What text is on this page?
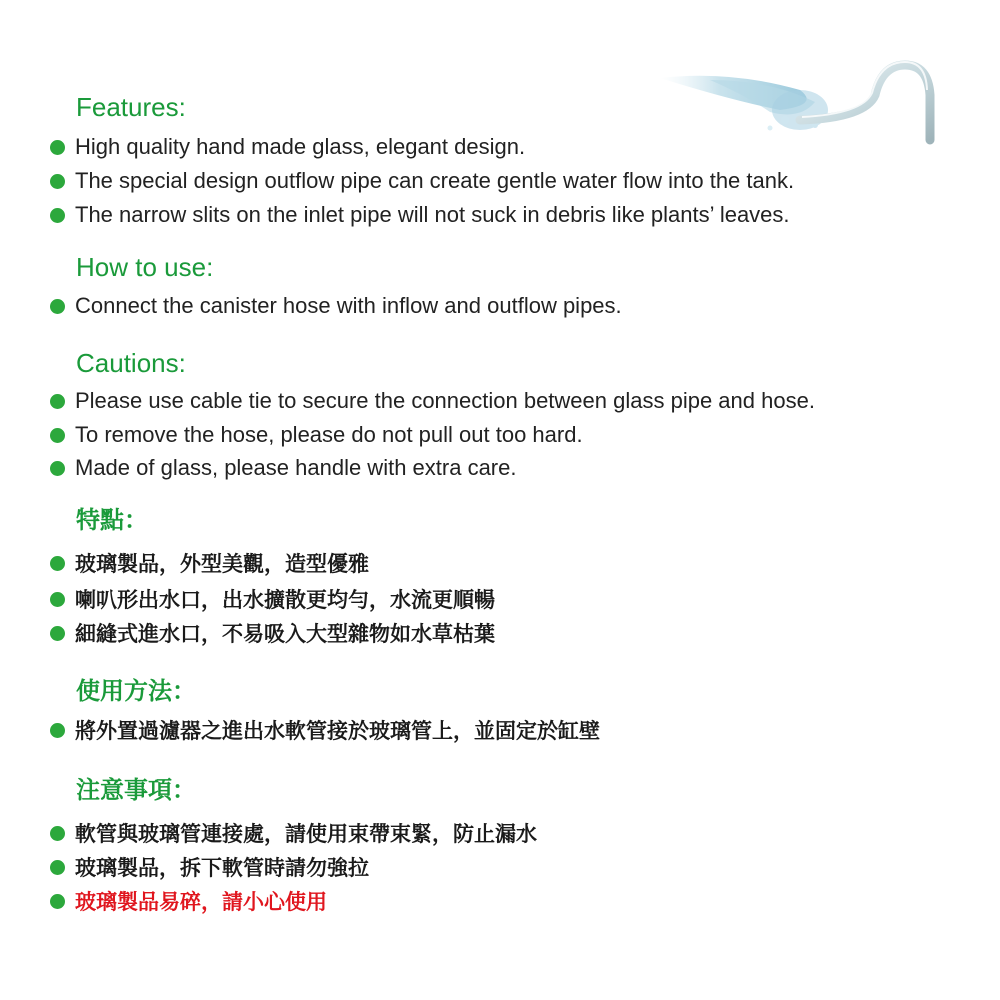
Features:
High quality hand made glass, elegant design.
The special design outflow pipe can create gentle water flow into the tank.
The narrow slits on the inlet pipe will not suck in debris like plants’ leaves.
How to use:
Connect the canister hose with inflow and outflow pipes.
Cautions:
Please use cable tie to secure the connection between glass pipe and hose.
To remove the hose, please do not pull out too hard.
Made of glass, please handle with extra care.
特點：
玻璃製品，外型美觀，造型優雅
喇叭形出水口，出水擴散更均勻，水流更順暢
細縫式進水口，不易吸入大型雜物如水草枯葉
使用方法：
將外置過濾器之進出水軟管接於玻璃管上，並固定於缸壁
注意事項：
軟管與玻璃管連接處，請使用束帶束緊，防止漏水
玻璃製品，拆下軟管時請勿強拉
玻璃製品易碎，請小心使用
